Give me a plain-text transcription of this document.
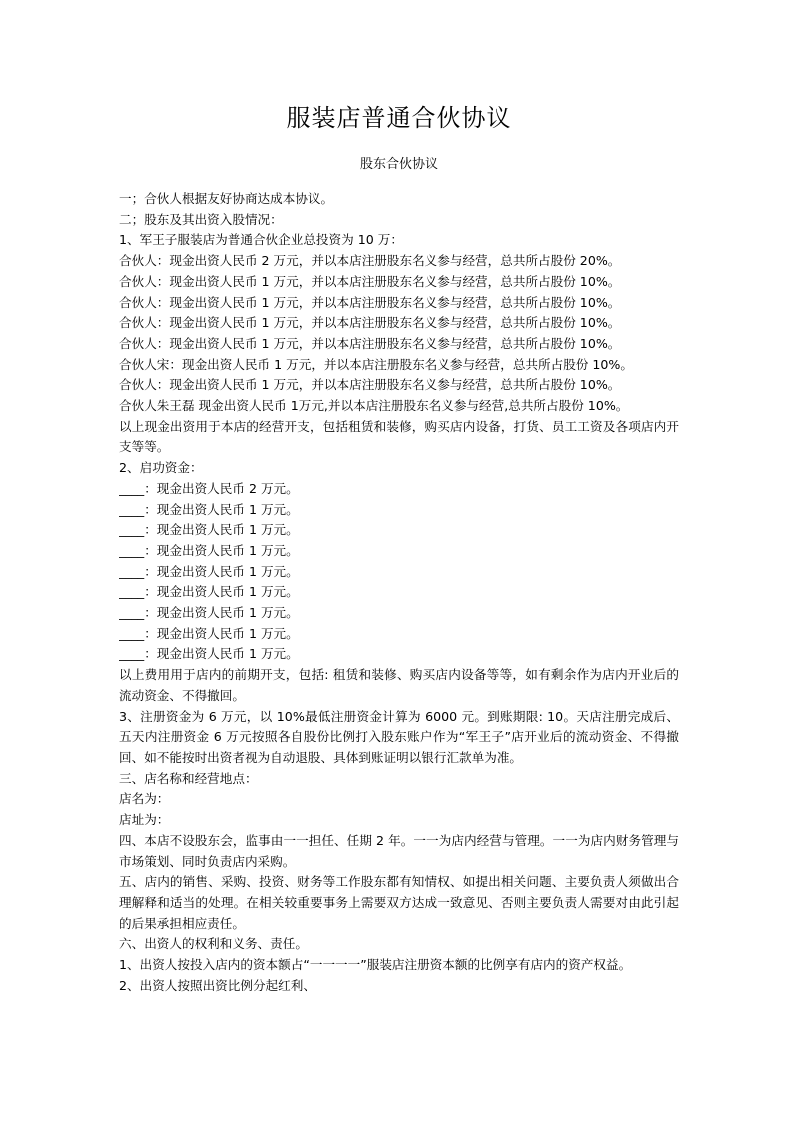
服装店普通合伙协议
股东合伙协议
一；合伙人根据友好协商达成本协议。
二；股东及其出资入股情况：
1、军王子服装店为普通合伙企业总投资为 10 万：
合伙人：现金出资人民币 2 万元，并以本店注册股东名义参与经营，总共所占股份 20%。
合伙人：现金出资人民币 1 万元，并以本店注册股东名义参与经营，总共所占股份 10%。
合伙人：现金出资人民币 1 万元，并以本店注册股东名义参与经营，总共所占股份 10%。
合伙人：现金出资人民币 1 万元，并以本店注册股东名义参与经营，总共所占股份 10%。
合伙人：现金出资人民币 1 万元，并以本店注册股东名义参与经营，总共所占股份 10%。
合伙人宋：现金出资人民币 1 万元，并以本店注册股东名义参与经营，总共所占股份 10%。
合伙人：现金出资人民币 1 万元，并以本店注册股东名义参与经营，总共所占股份 10%。
合伙人朱王磊 现金出资人民币 1万元,并以本店注册股东名义参与经营,总共所占股份 10%。
以上现金出资用于本店的经营开支，包括租赁和装修，购买店内设备，打货、员工工资及各项店内开支等等。
2、启功资金：
____：现金出资人民币 2 万元。
____：现金出资人民币 1 万元。
____：现金出资人民币 1 万元。
____：现金出资人民币 1 万元。
____：现金出资人民币 1 万元。
____：现金出资人民币 1 万元。
____：现金出资人民币 1 万元。
____：现金出资人民币 1 万元。
____：现金出资人民币 1 万元。
以上费用用于店内的前期开支，包括: 租赁和装修、购买店内设备等等，如有剩余作为店内开业后的流动资金、不得撤回。
3、注册资金为 6 万元，以 10%最低注册资金计算为 6000 元。到账期限: 10。天店注册完成后、五天内注册资金 6 万元按照各自股份比例打入股东账户作为“军王子”店开业后的流动资金、不得撤回、如不能按时出资者视为自动退股、具体到账证明以银行汇款单为准。
三、店名称和经营地点：
店名为：
店址为：
四、本店不设股东会，监事由一一担任、任期 2 年。一一为店内经营与管理。一一为店内财务管理与市场策划、同时负责店内采购。
五、店内的销售、采购、投资、财务等工作股东都有知情权、如提出相关问题、主要负责人须做出合理解释和适当的处理。在相关较重要事务上需要双方达成一致意见、否则主要负责人需要对由此引起的后果承担相应责任。
六、出资人的权利和义务、责任。
1、出资人按投入店内的资本额占“一一一一”服装店注册资本额的比例享有店内的资产权益。
2、出资人按照出资比例分起红利、
